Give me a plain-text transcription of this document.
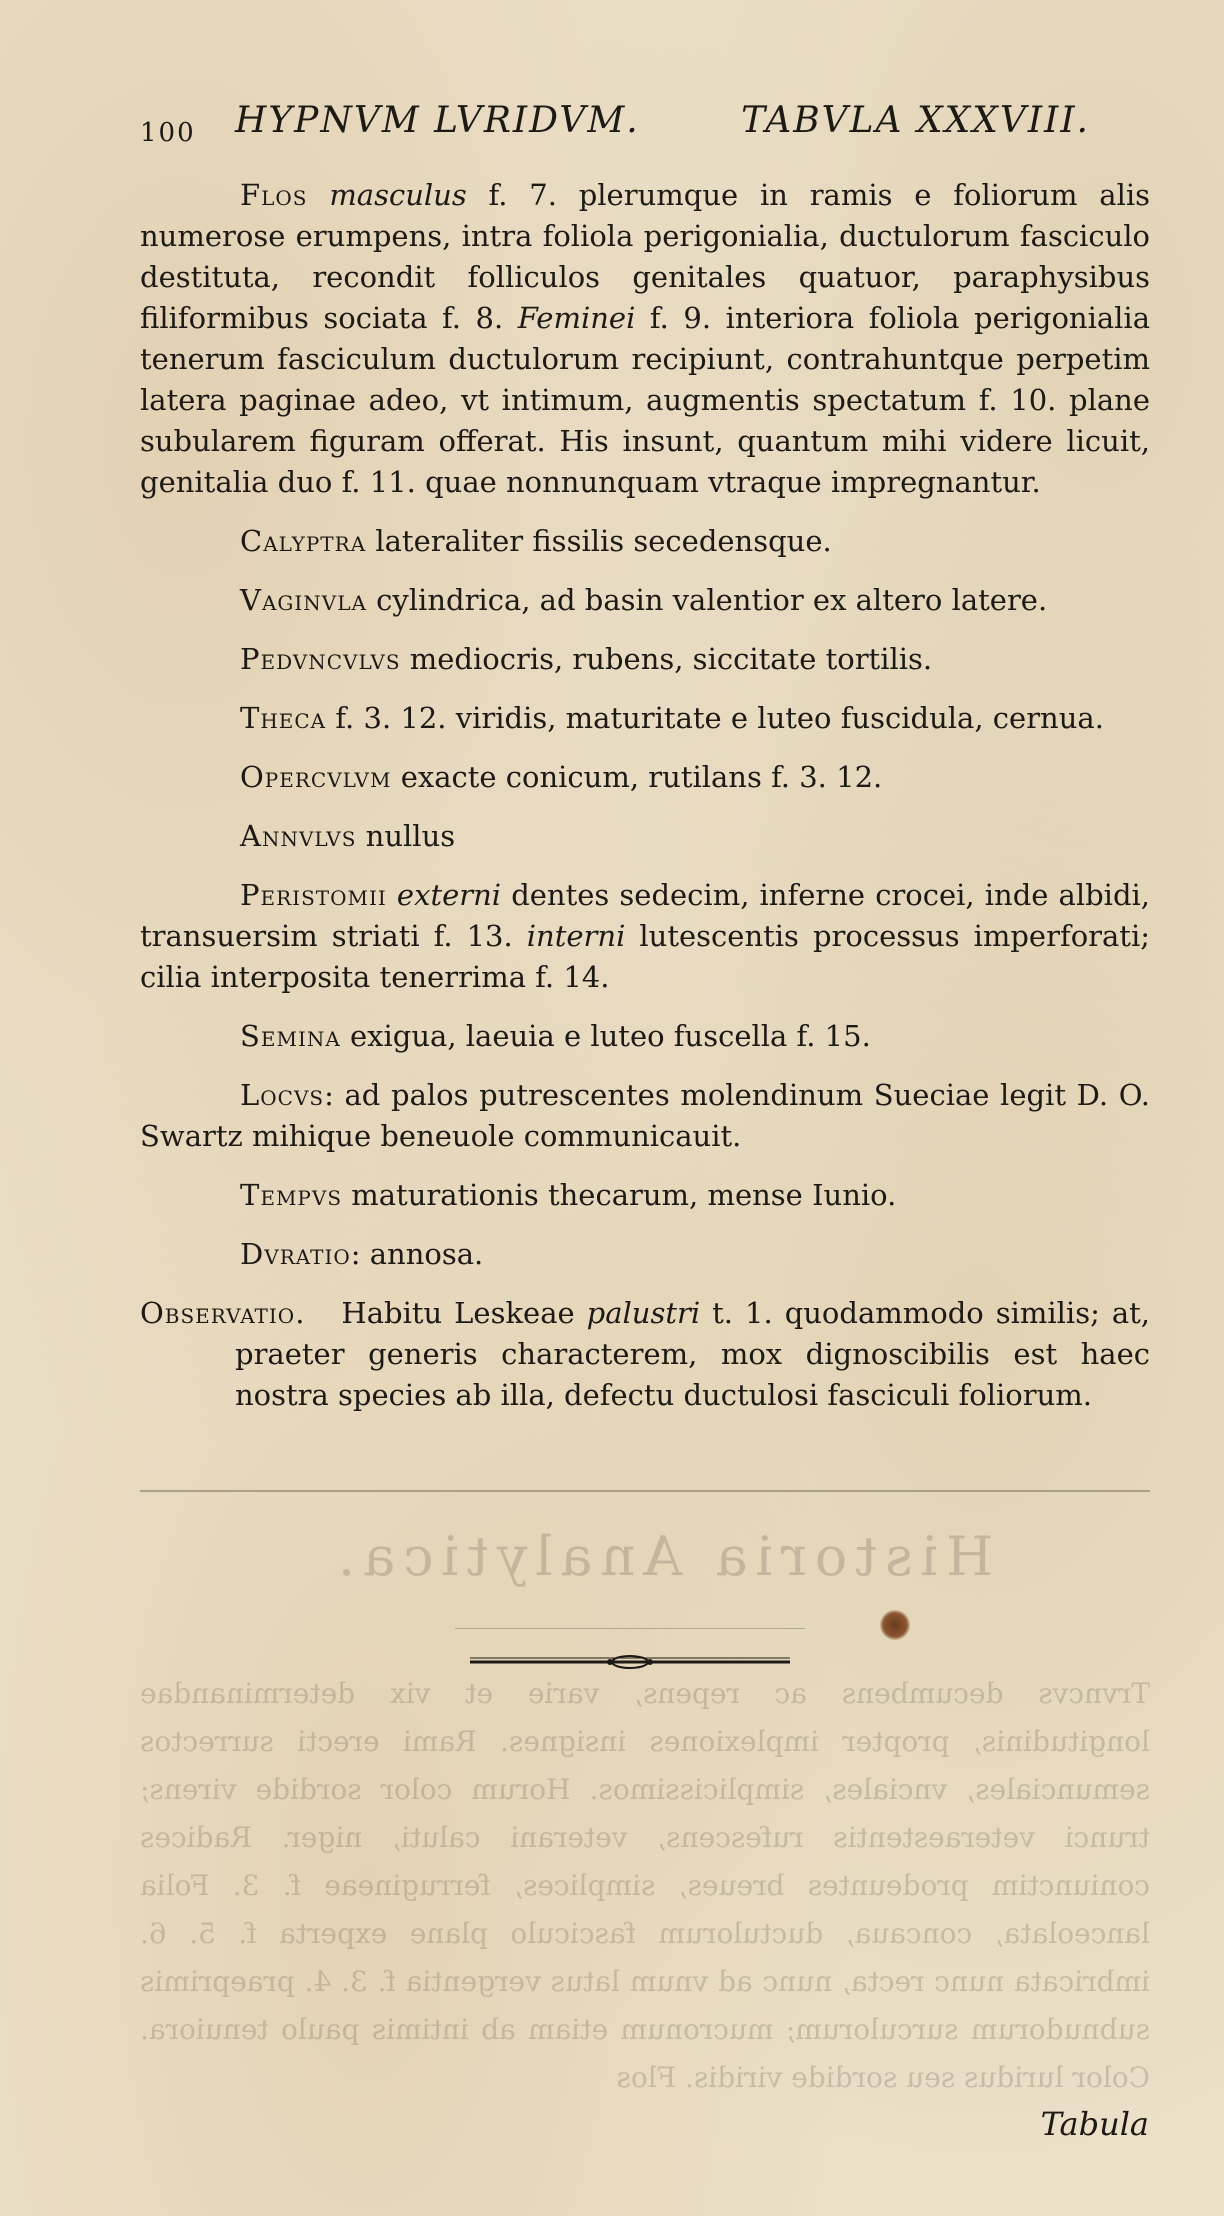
100 HYPNVM LVRIDVM.	TABVLA XXXVIII.

Flos masculus f. 7. plerumque in ramis e foliorum alis numerose erumpens, intra foliola perigonialia, ductulorum fasciculo destituta, recondit folliculos genitales quatuor, paraphysibus filiformibus sociata f. 8. Feminei f. 9. interiora foliola perigonialia tenerum fasciculum ductulorum recipiunt, contrahuntque perpetim latera paginae adeo, vt intimum, augmentis spectatum f. 10. plane subularem figuram offerat. His insunt, quantum mihi videre licuit, genitalia duo f. 11. quae nonnunquam vtraque impregnantur.

Calyptra lateraliter fissilis secedensque.

Vaginvla cylindrica, ad basin valentior ex altero latere.

Pedvncvlvs mediocris, rubens, siccitate tortilis.

Theca f. 3. 12. viridis, maturitate e luteo fuscidula, cernua.

Opercvlvm exacte conicum, rutilans f. 3. 12.

Annvlvs nullus

Peristomii externi dentes sedecim, inferne crocei, inde albidi, transuersim striati f. 13. interni lutescentis processus imperforati; cilia interposita tenerrima f. 14.

Semina exigua, laeuia e luteo fuscella f. 15.

Locvs: ad palos putrescentes molendinum Sueciae legit D. O. Swartz mihique beneuole communicauit.

Tempvs maturationis thecarum, mense Iunio.

Dvratio: annosa.

Observatio. Habitu Leskeae palustri t. 1. quodammodo similis; at, praeter generis characterem, mox dignoscibilis est haec nostra species ab illa, defectu ductulosi fasciculi foliorum.

Historia Analytica.
Trvncvs decumbens ac repens, varie et vix determinandae longitudinis, propter implexiones insignes. Rami erecti surrectos semunciales, vnciales, simplicissimos. Horum color sordide virens; trunci veteraestentis rufescens, veterani caluti, niger. Radices coniunctim prodeuntes breues, simplices, ferrugineae f. 3. Folia lanceolata, concaua, ductulorum fasciculo plane experta f. 5. 6. imbricata nunc recta, nunc ad vnum latus vergentia f. 3. 4. praeprimis subnudorum surculorum; mucronum etiam ab intimis paulo tenuiora. Color luridus seu sordide viridis. Flos
Tabula
